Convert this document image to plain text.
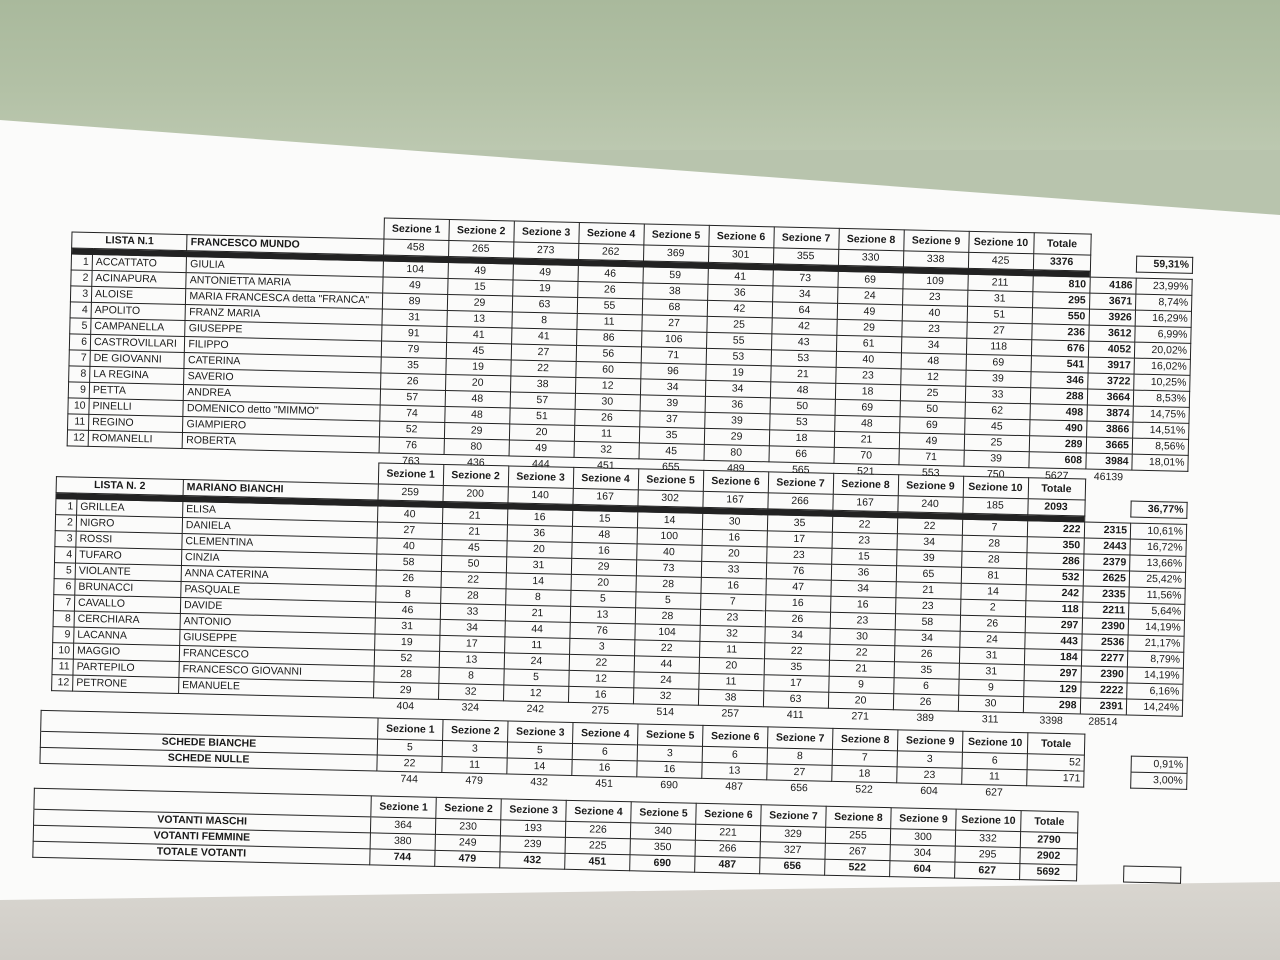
			Sezione 1	Sezione 2	Sezione 3	Sezione 4	Sezione 5	Sezione 6	Sezione 7	Sezione 8	Sezione 9	Sezione 10	Totale		
LISTA N.1		FRANCESCO MUNDO	458	265	273	262	369	301	355	330	338	425	3376		59,31%

1	ACCATTATO	GIULIA	104	49	49	46	59	41	73	69	109	211	810	4186	23,99%
2	ACINAPURA	ANTONIETTA MARIA	49	15	19	26	38	36	34	24	23	31	295	3671	8,74%
3	ALOISE	MARIA FRANCESCA detta "FRANCA"	89	29	63	55	68	42	64	49	40	51	550	3926	16,29%
4	APOLITO	FRANZ MARIA	31	13	8	11	27	25	42	29	23	27	236	3612	6,99%
5	CAMPANELLA	GIUSEPPE	91	41	41	86	106	55	43	61	34	118	676	4052	20,02%
6	CASTROVILLARI	FILIPPO	79	45	27	56	71	53	53	40	48	69	541	3917	16,02%
7	DE GIOVANNI	CATERINA	35	19	22	60	96	19	21	23	12	39	346	3722	10,25%
8	LA REGINA	SAVERIO	26	20	38	12	34	34	48	18	25	33	288	3664	8,53%
9	PETTA	ANDREA	57	48	57	30	39	36	50	69	50	62	498	3874	14,75%
10	PINELLI	DOMENICO detto "MIMMO"	74	48	51	26	37	39	53	48	69	45	490	3866	14,51%
11	REGINO	GIAMPIERO	52	29	20	11	35	29	18	21	49	25	289	3665	8,56%
12	ROMANELLI	ROBERTA	76	80	49	32	45	80	66	70	71	39	608	3984	18,01%
			763	436	444	451	655	489	565	521	553	750	5627	46139	
			Sezione 1	Sezione 2	Sezione 3	Sezione 4	Sezione 5	Sezione 6	Sezione 7	Sezione 8	Sezione 9	Sezione 10	Totale		
LISTA N. 2		MARIANO BIANCHI	259	200	140	167	302	167	266	167	240	185	2093		36,77%

1	GRILLEA	ELISA	40	21	16	15	14	30	35	22	22	7	222	2315	10,61%
2	NIGRO	DANIELA	27	21	36	48	100	16	17	23	34	28	350	2443	16,72%
3	ROSSI	CLEMENTINA	40	45	20	16	40	20	23	15	39	28	286	2379	13,66%
4	TUFARO	CINZIA	58	50	31	29	73	33	76	36	65	81	532	2625	25,42%
5	VIOLANTE	ANNA CATERINA	26	22	14	20	28	16	47	34	21	14	242	2335	11,56%
6	BRUNACCI	PASQUALE	8	28	8	5	5	7	16	16	23	2	118	2211	5,64%
7	CAVALLO	DAVIDE	46	33	21	13	28	23	26	23	58	26	297	2390	14,19%
8	CERCHIARA	ANTONIO	31	34	44	76	104	32	34	30	34	24	443	2536	21,17%
9	LACANNA	GIUSEPPE	19	17	11	3	22	11	22	22	26	31	184	2277	8,79%
10	MAGGIO	FRANCESCO	52	13	24	22	44	20	35	21	35	31	297	2390	14,19%
11	PARTEPILO	FRANCESCO GIOVANNI	28	8	5	12	24	11	17	9	6	9	129	2222	6,16%
12	PETRONE	EMANUELE	29	32	12	16	32	38	63	20	26	30	298	2391	14,24%
			404	324	242	275	514	257	411	271	389	311	3398	28514	
	Sezione 1	Sezione 2	Sezione 3	Sezione 4	Sezione 5	Sezione 6	Sezione 7	Sezione 8	Sezione 9	Sezione 10	Totale		
SCHEDE BIANCHE	5	3	5	6	3	6	8	7	3	6	52		0,91%
SCHEDE NULLE	22	11	14	16	16	13	27	18	23	11	171		3,00%
	744	479	432	451	690	487	656	522	604	627			
	Sezione 1	Sezione 2	Sezione 3	Sezione 4	Sezione 5	Sezione 6	Sezione 7	Sezione 8	Sezione 9	Sezione 10	Totale		
VOTANTI MASCHI	364	230	193	226	340	221	329	255	300	332	2790		
VOTANTI FEMMINE	380	249	239	225	350	266	327	267	304	295	2902		
TOTALE VOTANTI	744	479	432	451	690	487	656	522	604	627	5692		
